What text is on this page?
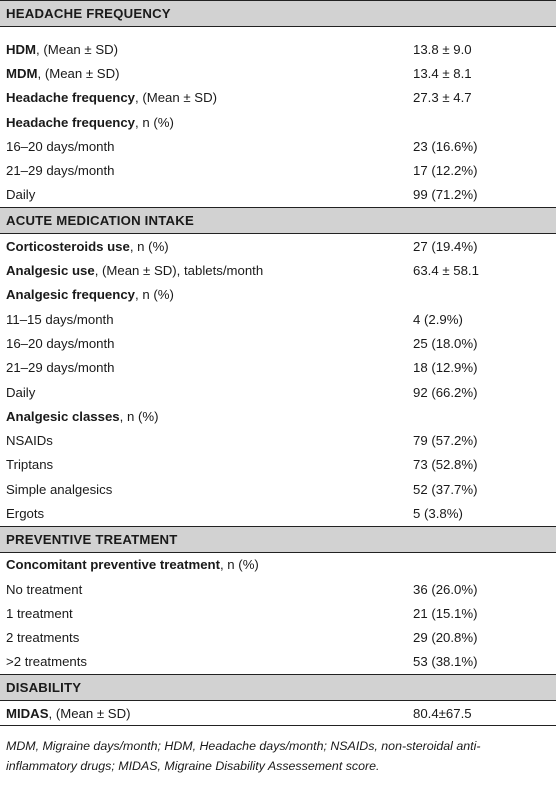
HEADACHE FREQUENCY
HDM, (Mean ± SD)	13.8 ± 9.0
MDM, (Mean ± SD)	13.4 ± 8.1
Headache frequency, (Mean ± SD)	27.3 ± 4.7
Headache frequency, n (%)
16–20 days/month	23 (16.6%)
21–29 days/month	17 (12.2%)
Daily	99 (71.2%)
ACUTE MEDICATION INTAKE
Corticosteroids use, n (%)	27 (19.4%)
Analgesic use, (Mean ± SD), tablets/month	63.4 ± 58.1
Analgesic frequency, n (%)
11–15 days/month	4 (2.9%)
16–20 days/month	25 (18.0%)
21–29 days/month	18 (12.9%)
Daily	92 (66.2%)
Analgesic classes, n (%)
NSAIDs	79 (57.2%)
Triptans	73 (52.8%)
Simple analgesics	52 (37.7%)
Ergots	5 (3.8%)
PREVENTIVE TREATMENT
Concomitant preventive treatment, n (%)
No treatment	36 (26.0%)
1 treatment	21 (15.1%)
2 treatments	29 (20.8%)
>2 treatments	53 (38.1%)
DISABILITY
MIDAS, (Mean ± SD)	80.4±67.5
MDM, Migraine days/month; HDM, Headache days/month; NSAIDs, non-steroidal anti-inflammatory drugs; MIDAS, Migraine Disability Assessement score.
